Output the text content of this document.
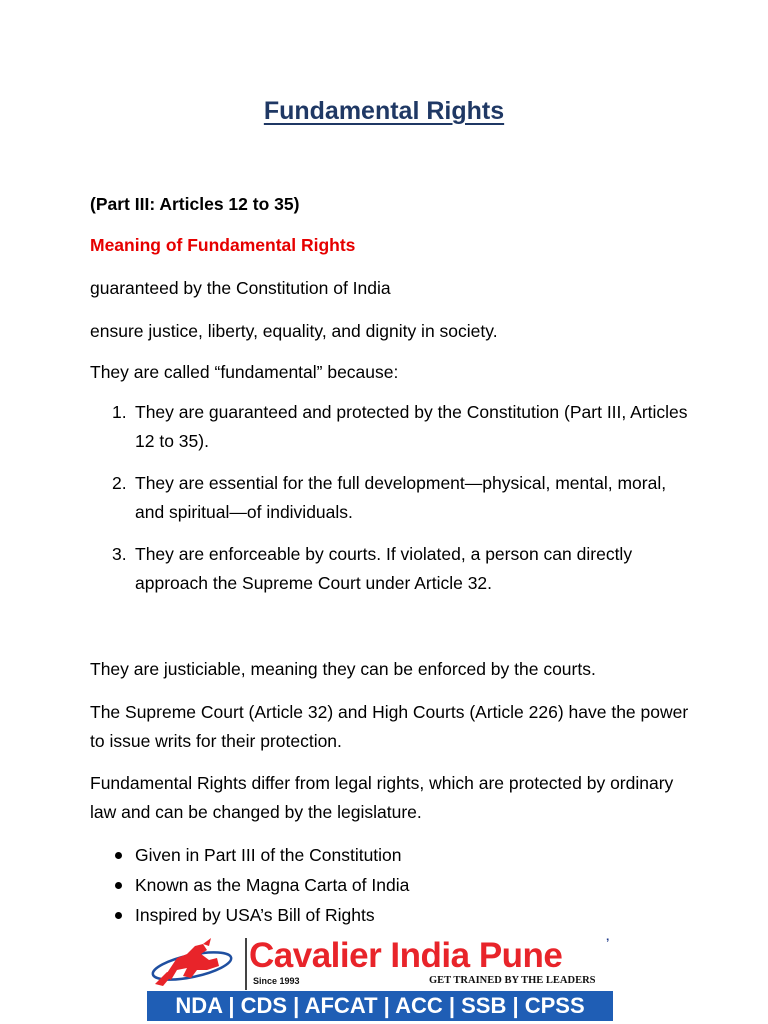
Fundamental Rights
(Part III: Articles 12 to 35)
Meaning of Fundamental Rights
guaranteed by the Constitution of India
ensure justice, liberty, equality, and dignity in society.
They are called “fundamental” because:
1. They are guaranteed and protected by the Constitution (Part III, Articles 12 to 35).
2. They are essential for the full development—physical, mental, moral, and spiritual—of individuals.
3. They are enforceable by courts. If violated, a person can directly approach the Supreme Court under Article 32.
They are justiciable, meaning they can be enforced by the courts.
The Supreme Court (Article 32) and High Courts (Article 226) have the power to issue writs for their protection.
Fundamental Rights differ from legal rights, which are protected by ordinary law and can be changed by the legislature.
Given in Part III of the Constitution
Known as the Magna Carta of India
Inspired by USA’s Bill of Rights
Cavalier India Pune
Since 1993	GET TRAINED BY THE LEADERS
ʼ
NDA | CDS | AFCAT | ACC | SSB | CPSS
